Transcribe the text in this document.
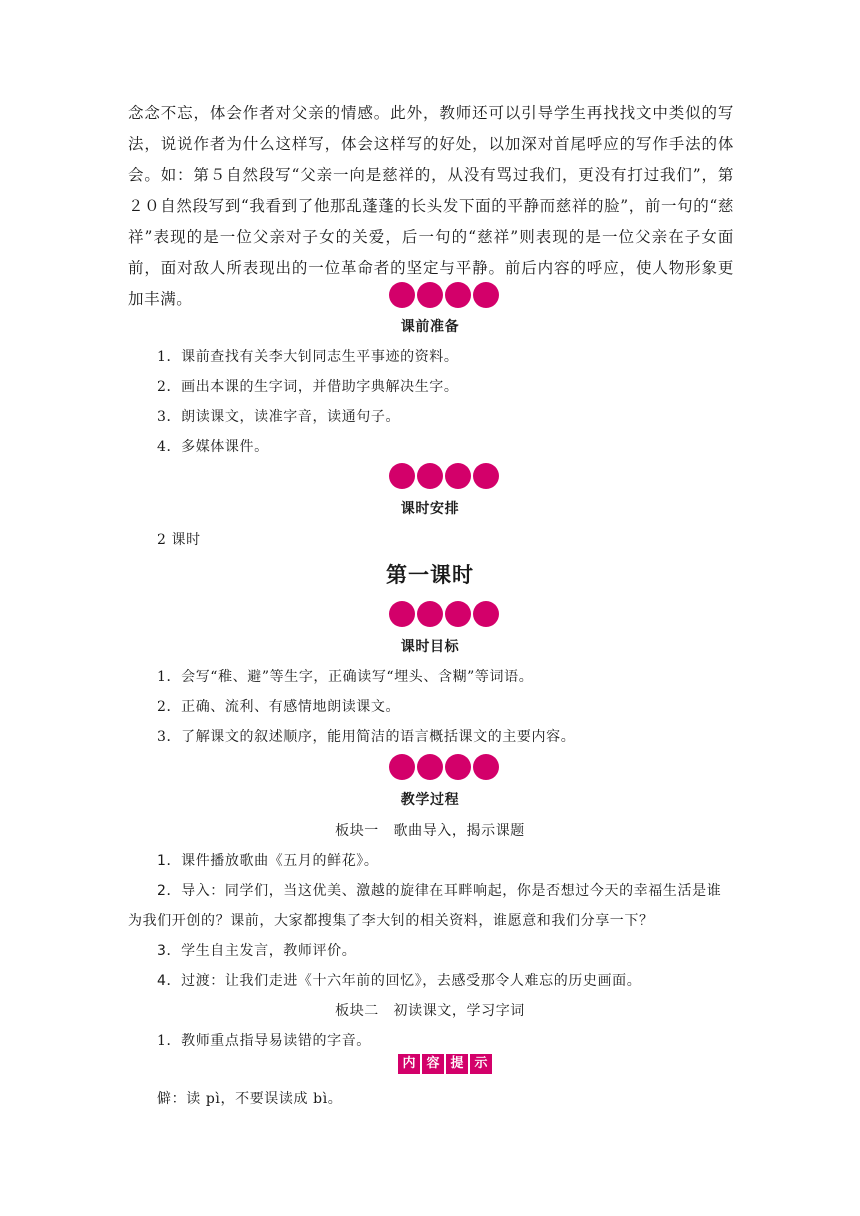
念念不忘，体会作者对父亲的情感。此外，教师还可以引导学生再找找文中类似的写法，说说作者为什么这样写，体会这样写的好处，以加深对首尾呼应的写作手法的体会。如：第５自然段写“父亲一向是慈祥的，从没有骂过我们，更没有打过我们”，第２０自然段写到“我看到了他那乱蓬蓬的长头发下面的平静而慈祥的脸”，前一句的“慈祥”表现的是一位父亲对子女的关爱，后一句的“慈祥”则表现的是一位父亲在子女面前，面对敌人所表现出的一位革命者的坚定与平静。前后内容的呼应，使人物形象更加丰满。
课前准备
1．课前查找有关李大钊同志生平事迹的资料。
2．画出本课的生字词，并借助字典解决生字。
3．朗读课文，读准字音，读通句子。
4．多媒体课件。
课时安排
2 课时
第一课时
课时目标
1．会写“稚、避”等生字，正确读写“埋头、含糊”等词语。
2．正确、流利、有感情地朗读课文。
3．了解课文的叙述顺序，能用简洁的语言概括课文的主要内容。
教学过程
板块一　歌曲导入，揭示课题
1．课件播放歌曲《五月的鲜花》。
2．导入：同学们，当这优美、激越的旋律在耳畔响起，你是否想过今天的幸福生活是谁
为我们开创的？课前，大家都搜集了李大钊的相关资料，谁愿意和我们分享一下？
3．学生自主发言，教师评价。
4．过渡：让我们走进《十六年前的回忆》，去感受那令人难忘的历史画面。
板块二　初读课文，学习字词
1．教师重点指导易读错的字音。
内 容 提 示
僻：读 pì，不要误读成 bì。
